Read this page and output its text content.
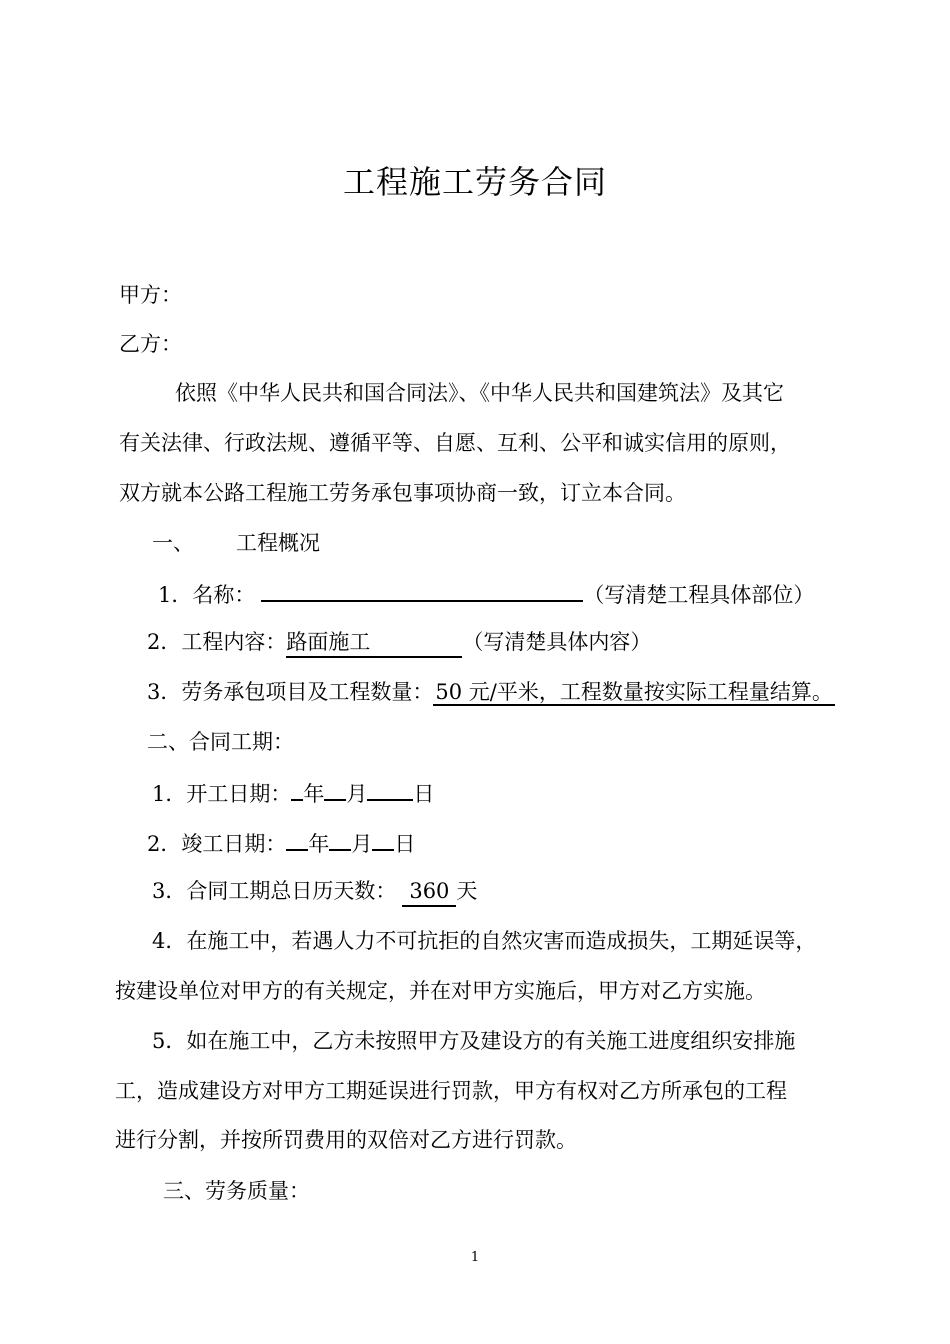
工程施工劳务合同
甲方：
乙方：
依照《中华人民共和国合同法》、《中华人民共和国建筑法》及其它
有关法律、行政法规、遵循平等、自愿、互利、公平和诚实信用的原则，
双方就本公路工程施工劳务承包事项协商一致，订立本合同。
一、 工程概况
1．名称：	（写清楚工程具体部位）
2．工程内容：路面施工	（写清楚具体内容）
3．劳务承包项目及工程数量：50 元/平米，工程数量按实际工程量结算。
二、合同工期：
1．开工日期： 年 月 日
2．竣工日期： 年 月 日
3．合同工期总日历天数： 360 天
4．在施工中，若遇人力不可抗拒的自然灾害而造成损失，工期延误等，
按建设单位对甲方的有关规定，并在对甲方实施后，甲方对乙方实施。
5．如在施工中，乙方未按照甲方及建设方的有关施工进度组织安排施
工，造成建设方对甲方工期延误进行罚款，甲方有权对乙方所承包的工程
进行分割，并按所罚费用的双倍对乙方进行罚款。
三、劳务质量：
1
